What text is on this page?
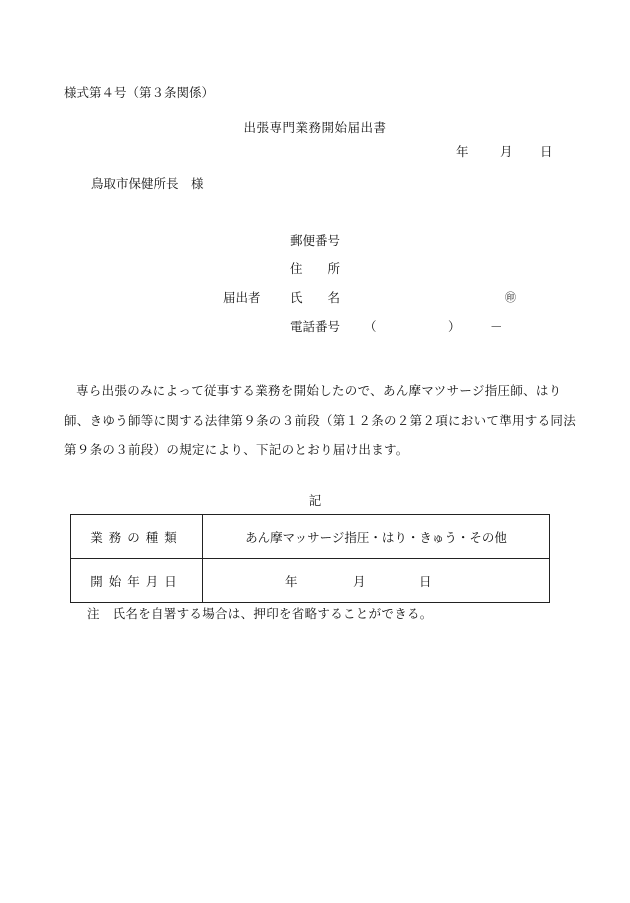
様式第４号（第３条関係）
出張専門業務開始届出書
年	月 日
鳥取市保健所長　様
郵便番号
住　　所
届出者 氏　　名	㊞
電話番号 （	） －
専ら出張のみによって従事する業務を開始したので、あん摩マツサージ指圧師、はり師、きゆう師等に関する法律第９条の３前段（第１２条の２第２項において準用する同法第９条の３前段）の規定により、下記のとおり届け出ます。
記
業務の種類	あん摩マッサージ指圧・はり・きゅう・その他
開始年月日	年 月 日
注　氏名を自署する場合は、押印を省略することができる。
